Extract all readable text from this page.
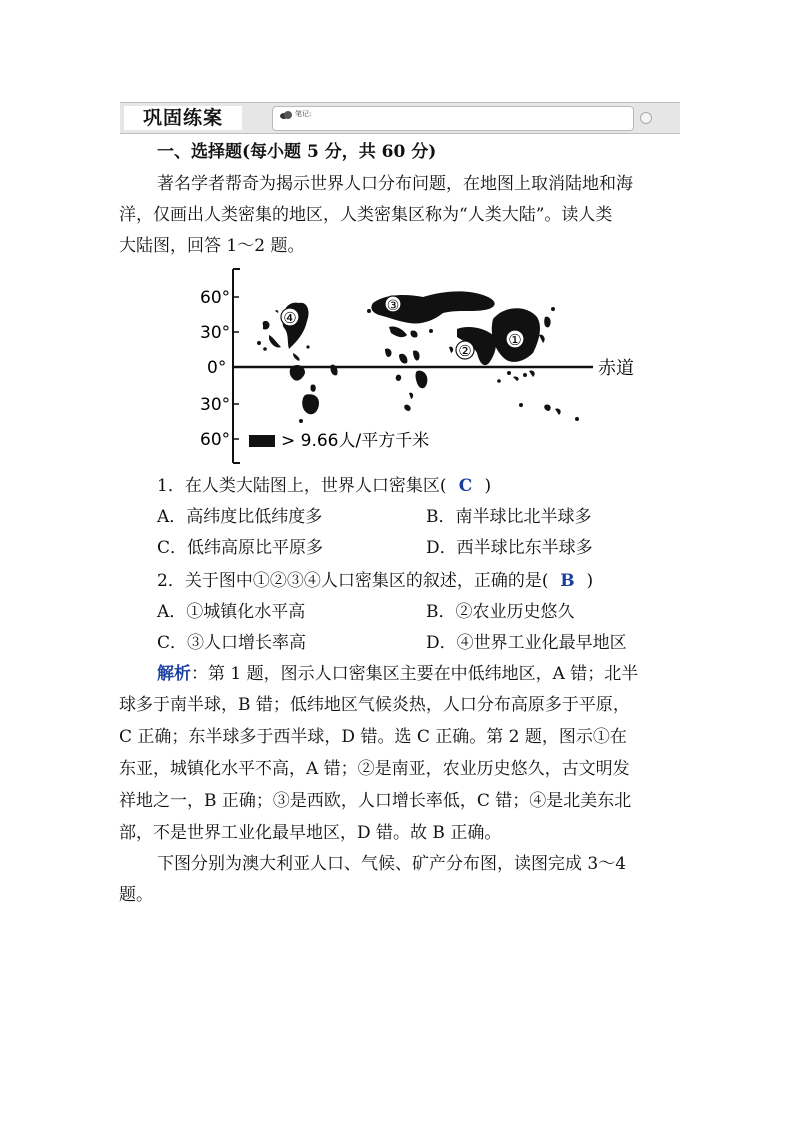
巩固练案	笔记:
一、选择题(每小题 5 分，共 60 分)
著名学者帮奇为揭示世界人口分布问题，在地图上取消陆地和海
洋，仅画出人类密集的地区，人类密集区称为“人类大陆”。读人类
大陆图，回答 1～2 题。
60°
30°
0°
30°
60°
赤道
④
③
②
①
> 9.66人/平方千米
1．在人类大陆图上，世界人口密集区( C )
A．高纬度比低纬度多	B．南半球比北半球多
C．低纬高原比平原多	D．西半球比东半球多
2．关于图中①②③④人口密集区的叙述，正确的是( B )
A．①城镇化水平高	B．②农业历史悠久
C．③人口增长率高	D．④世界工业化最早地区
解析：第 1 题，图示人口密集区主要在中低纬地区，A 错；北半
球多于南半球，B 错；低纬地区气候炎热，人口分布高原多于平原，
C 正确；东半球多于西半球，D 错。选 C 正确。第 2 题，图示①在
东亚，城镇化水平不高，A 错；②是南亚，农业历史悠久，古文明发
祥地之一，B 正确；③是西欧，人口增长率低，C 错；④是北美东北
部，不是世界工业化最早地区，D 错。故 B 正确。
下图分别为澳大利亚人口、气候、矿产分布图，读图完成 3～4
题。
